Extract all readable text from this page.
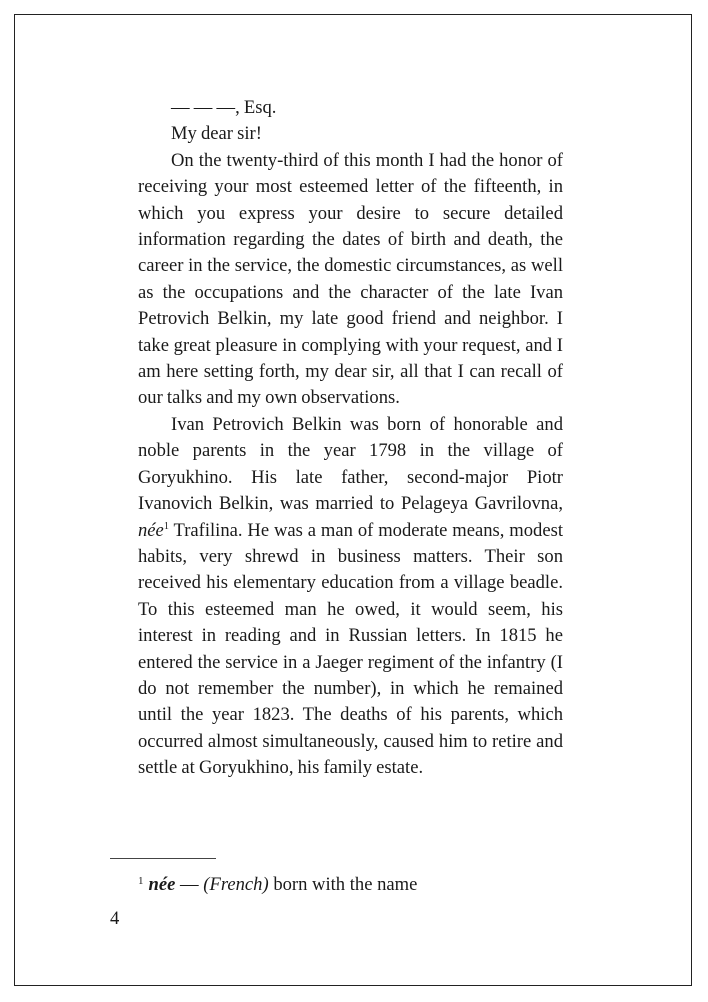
— — —, Esq.

My dear sir!

On the twenty-third of this month I had the honor of receiving your most esteemed letter of the fifteenth, in which you express your desire to secure detailed information regarding the dates of birth and death, the career in the service, the domestic circumstances, as well as the occupations and the character of the late Ivan Petrovich Belkin, my late good friend and neighbor. I take great pleasure in complying with your request, and I am here setting forth, my dear sir, all that I can recall of our talks and my own observations.

Ivan Petrovich Belkin was born of honorable and noble parents in the year 1798 in the village of Goryukhino. His late father, second-major Piotr Ivanovich Belkin, was married to Pelageya Gavrilovna, née$^1$ Trafilina. He was a man of moderate means, modest habits, very shrewd in business matters. Their son received his elementary education from a village beadle. To this esteemed man he owed, it would seem, his interest in reading and in Russian letters. In 1815 he entered the service in a Jaeger regiment of the infantry (I do not remember the number), in which he remained until the year 1823. The deaths of his parents, which occurred almost simultaneously, caused him to retire and settle at Goryukhino, his family estate.

$^1$ née — (French) born with the name
4
